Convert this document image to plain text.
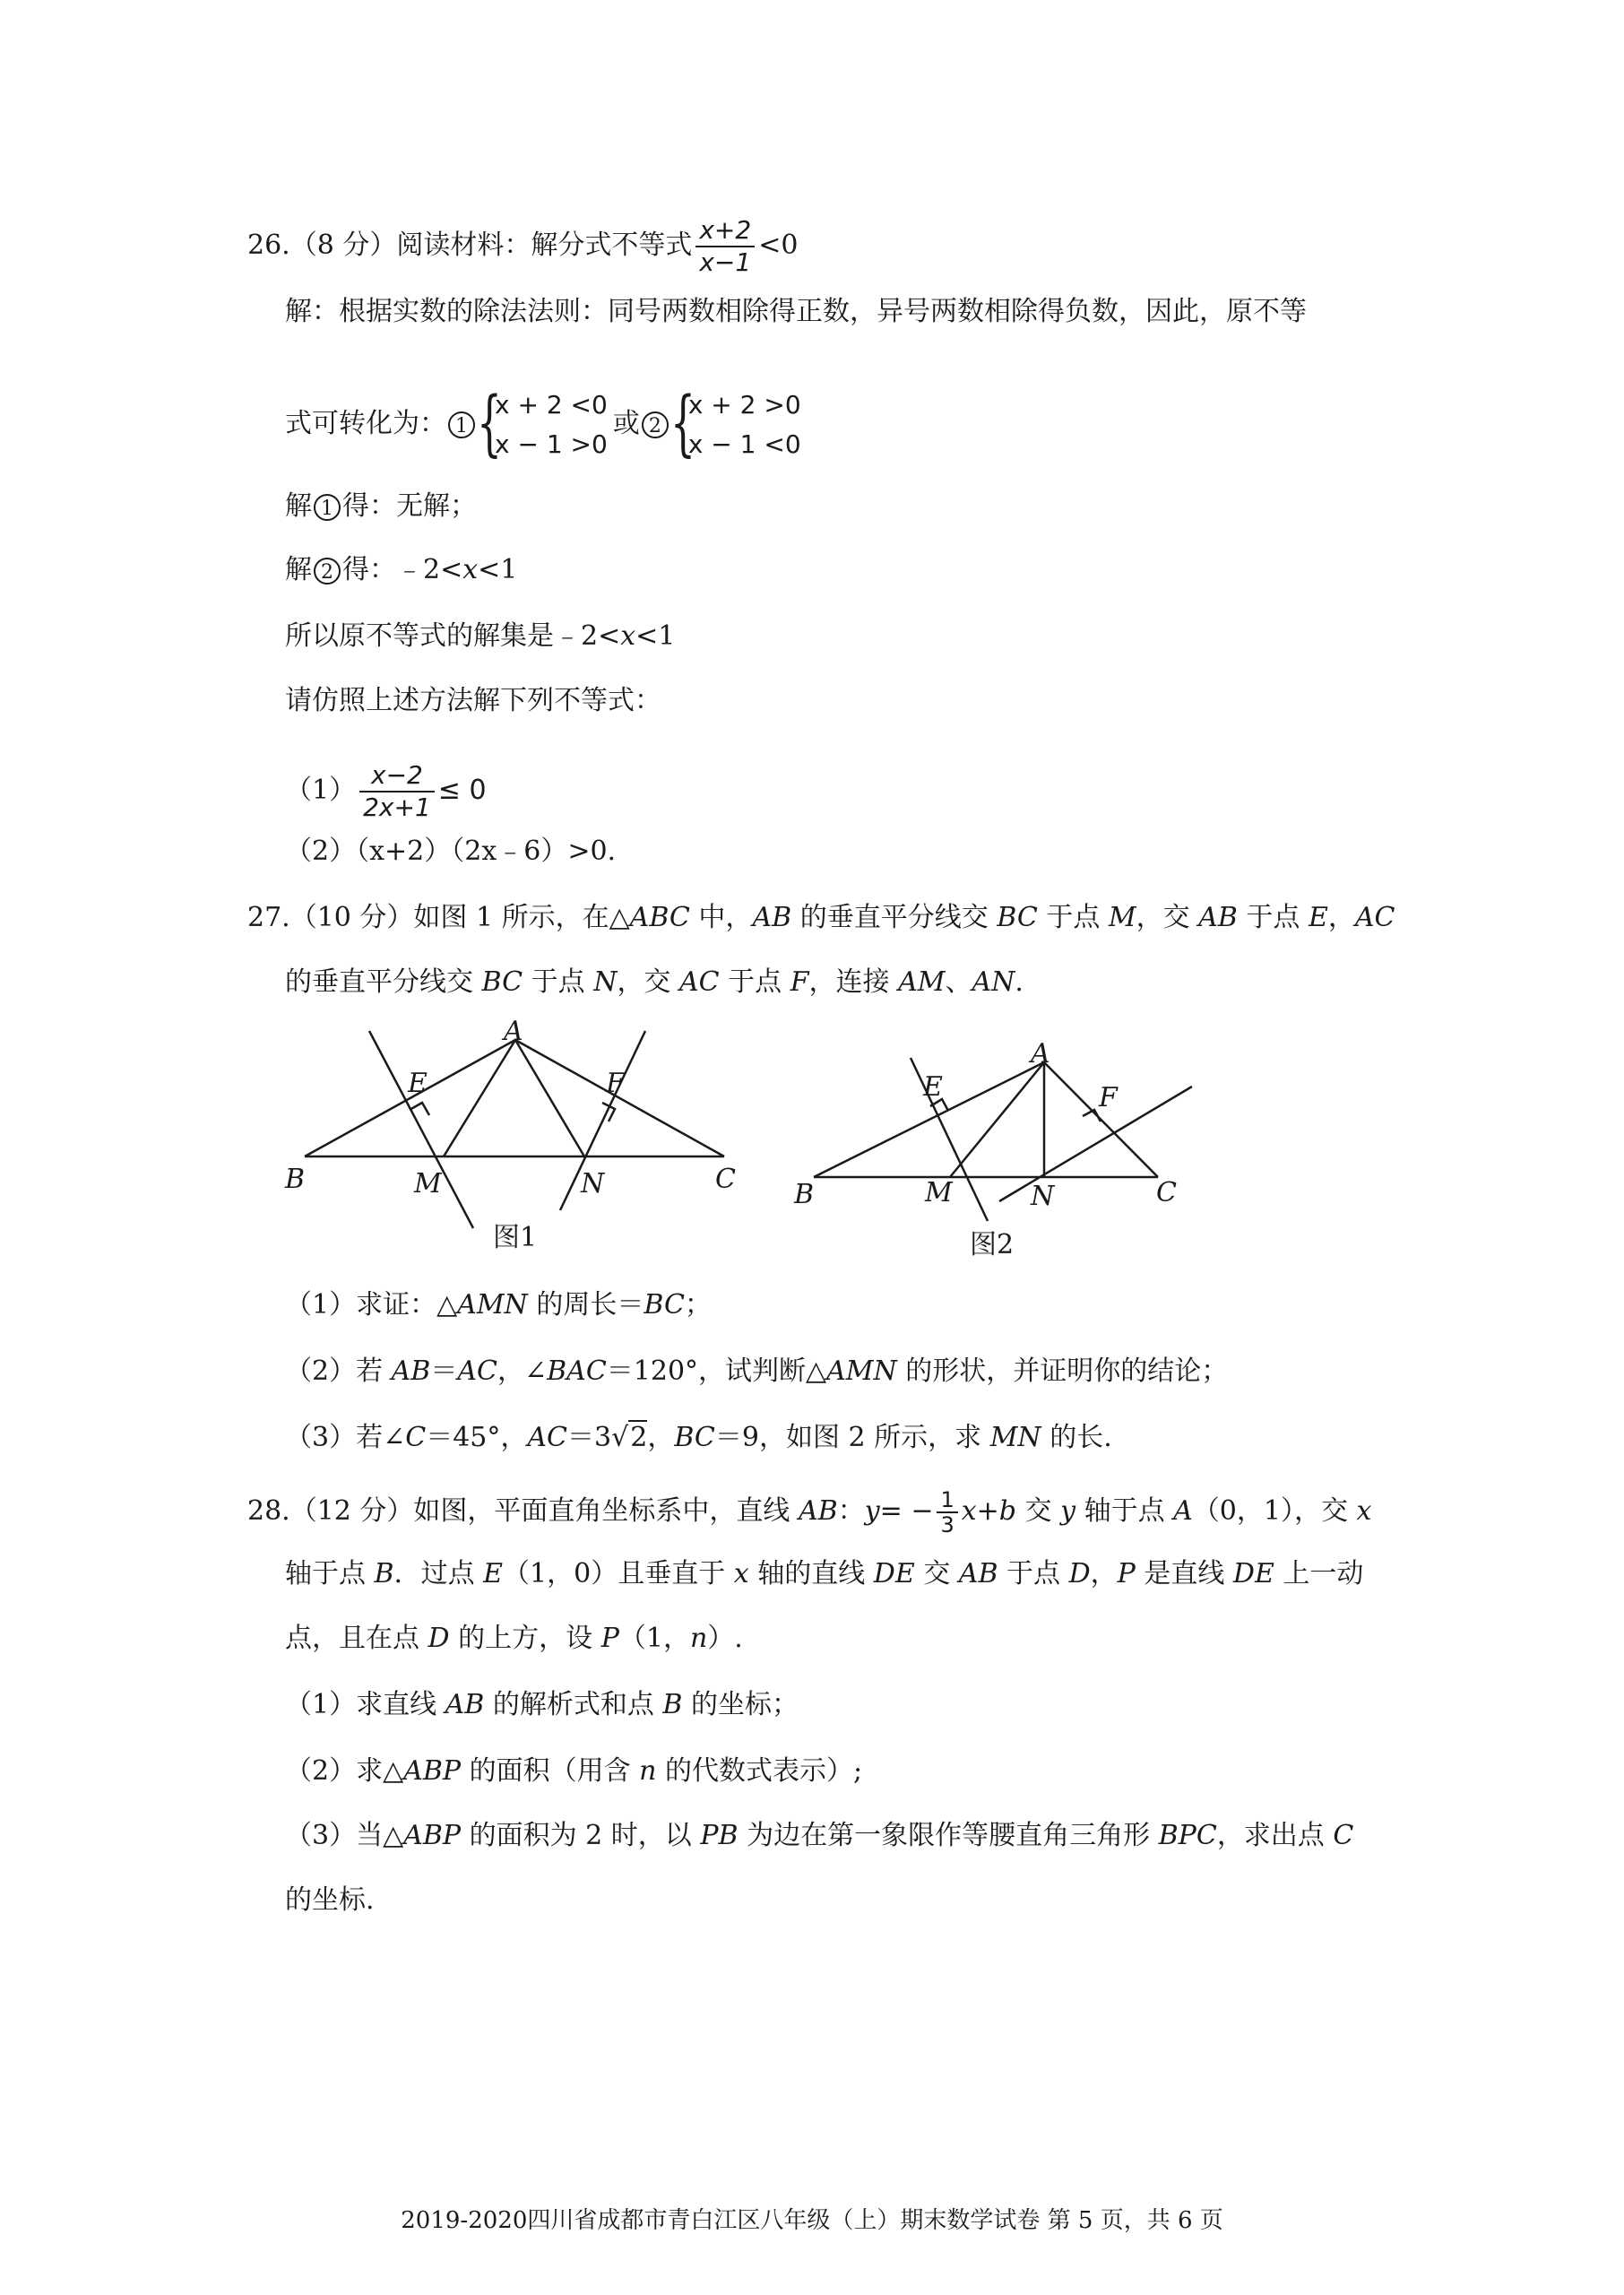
26.（8 分）阅读材料：解分式不等式 $\frac{x+2}{x-1} <0$
解：根据实数的除法法则：同号两数相除得正数，异号两数相除得负数，因此，原不等
式可转化为： 1 {
x + 2 <0
x − 1 >0
或 2 {
x + 2 >0
x − 1 <0
解 1 得：无解；
解 2 得：﹣2<x<1
所以原不等式的解集是﹣2<x<1
请仿照上述方法解下列不等式：
$(1) \frac{x-2}{2x+1} \le 0$
（2）（x+2）（2x﹣6）>0.
27.（10 分）如图 1 所示，在△ABC 中，AB 的垂直平分线交 BC 于点 M，交 AB 于点 E，AC
的垂直平分线交 BC 于点 N，交 AC 于点 F，连接 AM、AN.
A
E	F
B	M	N	C
图1
A
E	F
B	M	N	C
图2
（1）求证：△AMN 的周长＝BC；
（2）若 AB＝AC，∠BAC＝120°，试判断△AMN 的形状，并证明你的结论；
（3）若∠C＝45°，AC＝3√2，BC＝9，如图 2 所示，求 MN 的长.
28.（12 分）如图，平面直角坐标系中，直线 AB：$y= - \frac{1}{3} x+b$ 交 y 轴于点 A（0，1），交 x
轴于点 B．过点 E（1，0）且垂直于 x 轴的直线 DE 交 AB 于点 D，P 是直线 DE 上一动
点，且在点 D 的上方，设 P（1，n）.
（1）求直线 AB 的解析式和点 B 的坐标；
（2）求△ABP 的面积（用含 n 的代数式表示）;
（3）当△ABP 的面积为 2 时，以 PB 为边在第一象限作等腰直角三角形 BPC，求出点 C
的坐标.
2019-2020四川省成都市青白江区八年级（上）期末数学试卷 第 5 页，共 6 页
